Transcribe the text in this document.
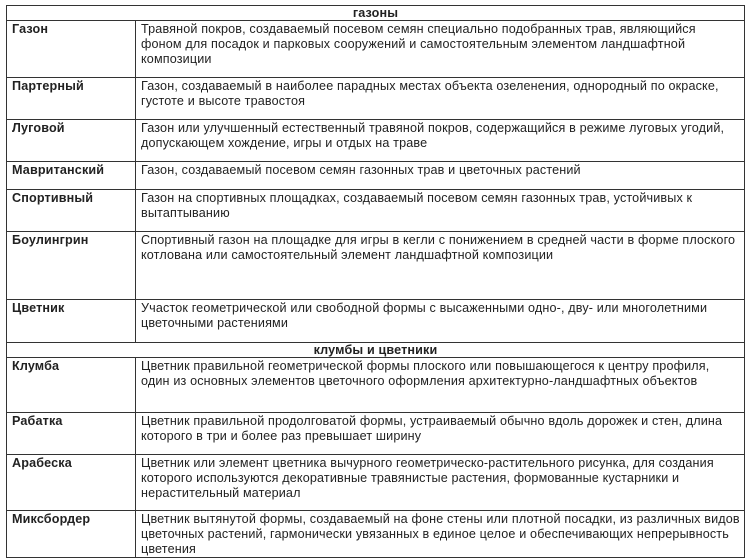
газоны	
Газон	Травяной покров, создаваемый посевом семян специально подобранных трав, являющийся фоном для посадок и парковых сооружений и самостоятельным элементом ландшафтной композиции
Партерный	Газон, создаваемый в наиболее парадных местах объекта озеленения, однородный по окраске, густоте и высоте травостоя
Луговой	Газон или улучшенный естественный травяной покров, содержащийся в режиме луговых угодий, допускающем хождение, игры и отдых на траве
Мавританский	Газон, создаваемый посевом семян газонных трав и цветочных растений
Спортивный	Газон на спортивных площадках, создаваемый посевом семян газонных трав, устойчивых к вытаптыванию
Боулингрин	Спортивный газон на площадке для игры в кегли с понижением в средней части в форме плоского котлована или самостоятельный элемент ландшафтной композиции
Цветник	Участок геометрической или свободной формы с высаженными одно-, дву- или многолетними цветочными растениями
клумбы и цветники	
Клумба	Цветник правильной геометрической формы плоского или повышающегося к центру профиля, один из основных элементов цветочного оформления архитектурно-ландшафтных объектов
Рабатка	Цветник правильной продолговатой формы, устраиваемый обычно вдоль дорожек и стен, длина которого в три и более раз превышает ширину
Арабеска	Цветник или элемент цветника вычурного геометрическо-растительного рисунка, для создания которого используются декоративные травянистые растения, формованные кустарники и нерастительный материал
Миксбордер	Цветник вытянутой формы, создаваемый на фоне стены или плотной посадки, из различных видов цветочных растений, гармонически увязанных в единое целое и обеспечивающих непрерывность цветения
